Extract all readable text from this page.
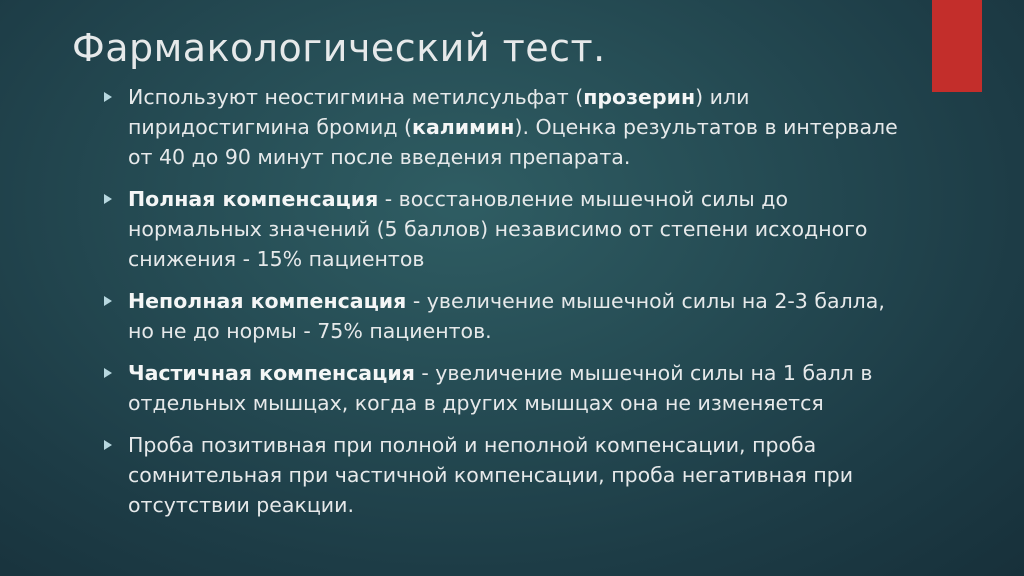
Фармакологический тест.
Используют неостигмина метилсульфат (прозерин) или пиридостигмина бромид (калимин). Оценка результатов в интервале от 40 до 90 минут после введения препарата.
Полная компенсация - восстановление мышечной силы до нормальных значений (5 баллов) независимо от степени исходного снижения - 15% пациентов
Неполная компенсация - увеличение мышечной силы на 2-3 балла, но не до нормы - 75% пациентов.
Частичная компенсация - увеличение мышечной силы на 1 балл в отдельных мышцах, когда в других мышцах она не изменяется
Проба позитивная при полной и неполной компенсации, проба сомнительная при частичной компенсации, проба негативная при отсутствии реакции.
